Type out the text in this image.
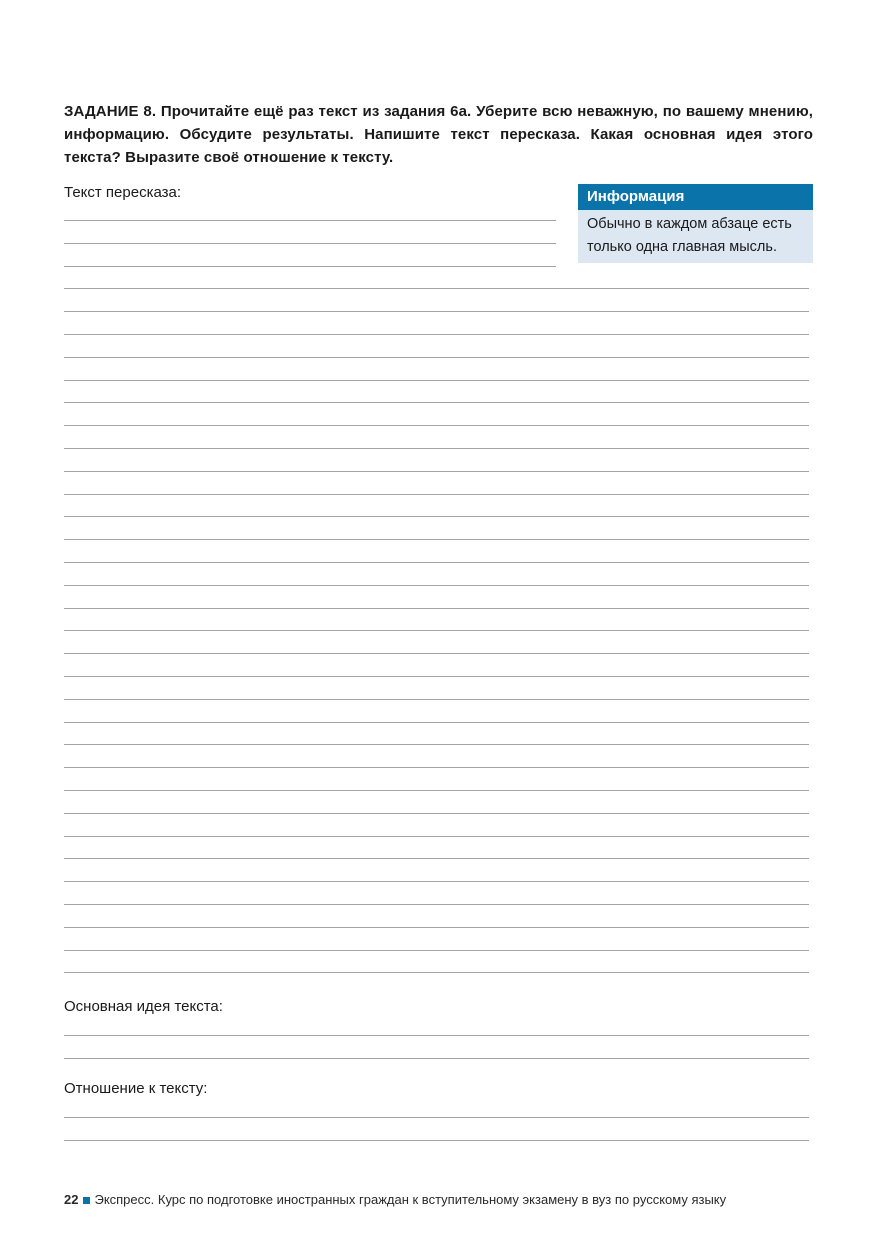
ЗАДАНИЕ 8. Прочитайте ещё раз текст из задания 6а. Уберите всю неважную, по вашему мнению, информацию. Обсудите результаты. Напишите текст пересказа. Какая основная идея этого текста? Выразите своё отношение к тексту.
Текст пересказа:	Информация
Обычно в каждом абзаце есть только одна главная мысль.
Основная идея текста:
Отношение к тексту:
22 Экспресс. Курс по подготовке иностранных граждан к вступительному экзамену в вуз по русскому языку
